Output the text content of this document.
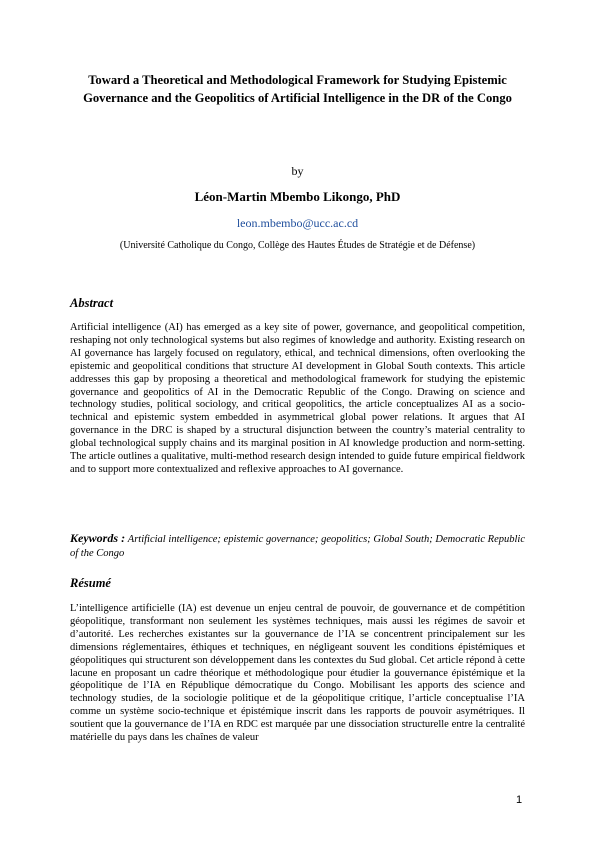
Toward a Theoretical and Methodological Framework for Studying Epistemic Governance and the Geopolitics of Artificial Intelligence in the DR of the Congo
by
Léon-Martin Mbembo Likongo, PhD
leon.mbembo@ucc.ac.cd
(Université Catholique du Congo, Collège des Hautes Études de Stratégie et de Défense)
Abstract
Artificial intelligence (AI) has emerged as a key site of power, governance, and geopolitical competition, reshaping not only technological systems but also regimes of knowledge and authority. Existing research on AI governance has largely focused on regulatory, ethical, and technical dimensions, often overlooking the epistemic and geopolitical conditions that structure AI development in Global South contexts. This article addresses this gap by proposing a theoretical and methodological framework for studying the epistemic governance and geopolitics of AI in the Democratic Republic of the Congo. Drawing on science and technology studies, political sociology, and critical geopolitics, the article conceptualizes AI as a socio-technical and epistemic system embedded in asymmetrical global power relations. It argues that AI governance in the DRC is shaped by a structural disjunction between the country’s material centrality to global technological supply chains and its marginal position in AI knowledge production and norm-setting. The article outlines a qualitative, multi-method research design intended to guide future empirical fieldwork and to support more contextualized and reflexive approaches to AI governance.
Keywords : Artificial intelligence; epistemic governance; geopolitics; Global South; Democratic Republic of the Congo
Résumé
L’intelligence artificielle (IA) est devenue un enjeu central de pouvoir, de gouvernance et de compétition géopolitique, transformant non seulement les systèmes techniques, mais aussi les régimes de savoir et d’autorité. Les recherches existantes sur la gouvernance de l’IA se concentrent principalement sur les dimensions réglementaires, éthiques et techniques, en négligeant souvent les conditions épistémiques et géopolitiques qui structurent son développement dans les contextes du Sud global. Cet article répond à cette lacune en proposant un cadre théorique et méthodologique pour étudier la gouvernance épistémique et la géopolitique de l’IA en République démocratique du Congo. Mobilisant les apports des science and technology studies, de la sociologie politique et de la géopolitique critique, l’article conceptualise l’IA comme un système socio-technique et épistémique inscrit dans les rapports de pouvoir asymétriques. Il soutient que la gouvernance de l’IA en RDC est marquée par une dissociation structurelle entre la centralité matérielle du pays dans les chaînes de valeur
1
